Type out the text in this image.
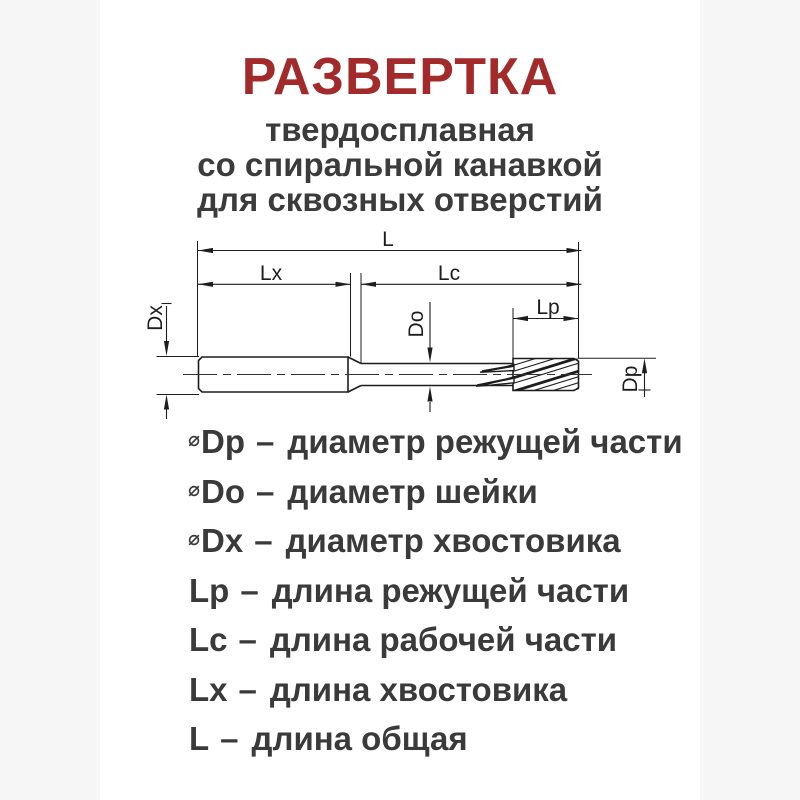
РАЗВЕРТКА
твердосплавная
со спиральной канавкой
для сквозных отверстий
L
Lx	Lc
Lp
Dx	Do
Dp
⌀Dp – диаметр режущей части
⌀Do – диаметр шейки
⌀Dx – диаметр хвостовика
Lp – длина режущей части
Lc – длина рабочей части
Lx – длина хвостовика
L – длина общая
